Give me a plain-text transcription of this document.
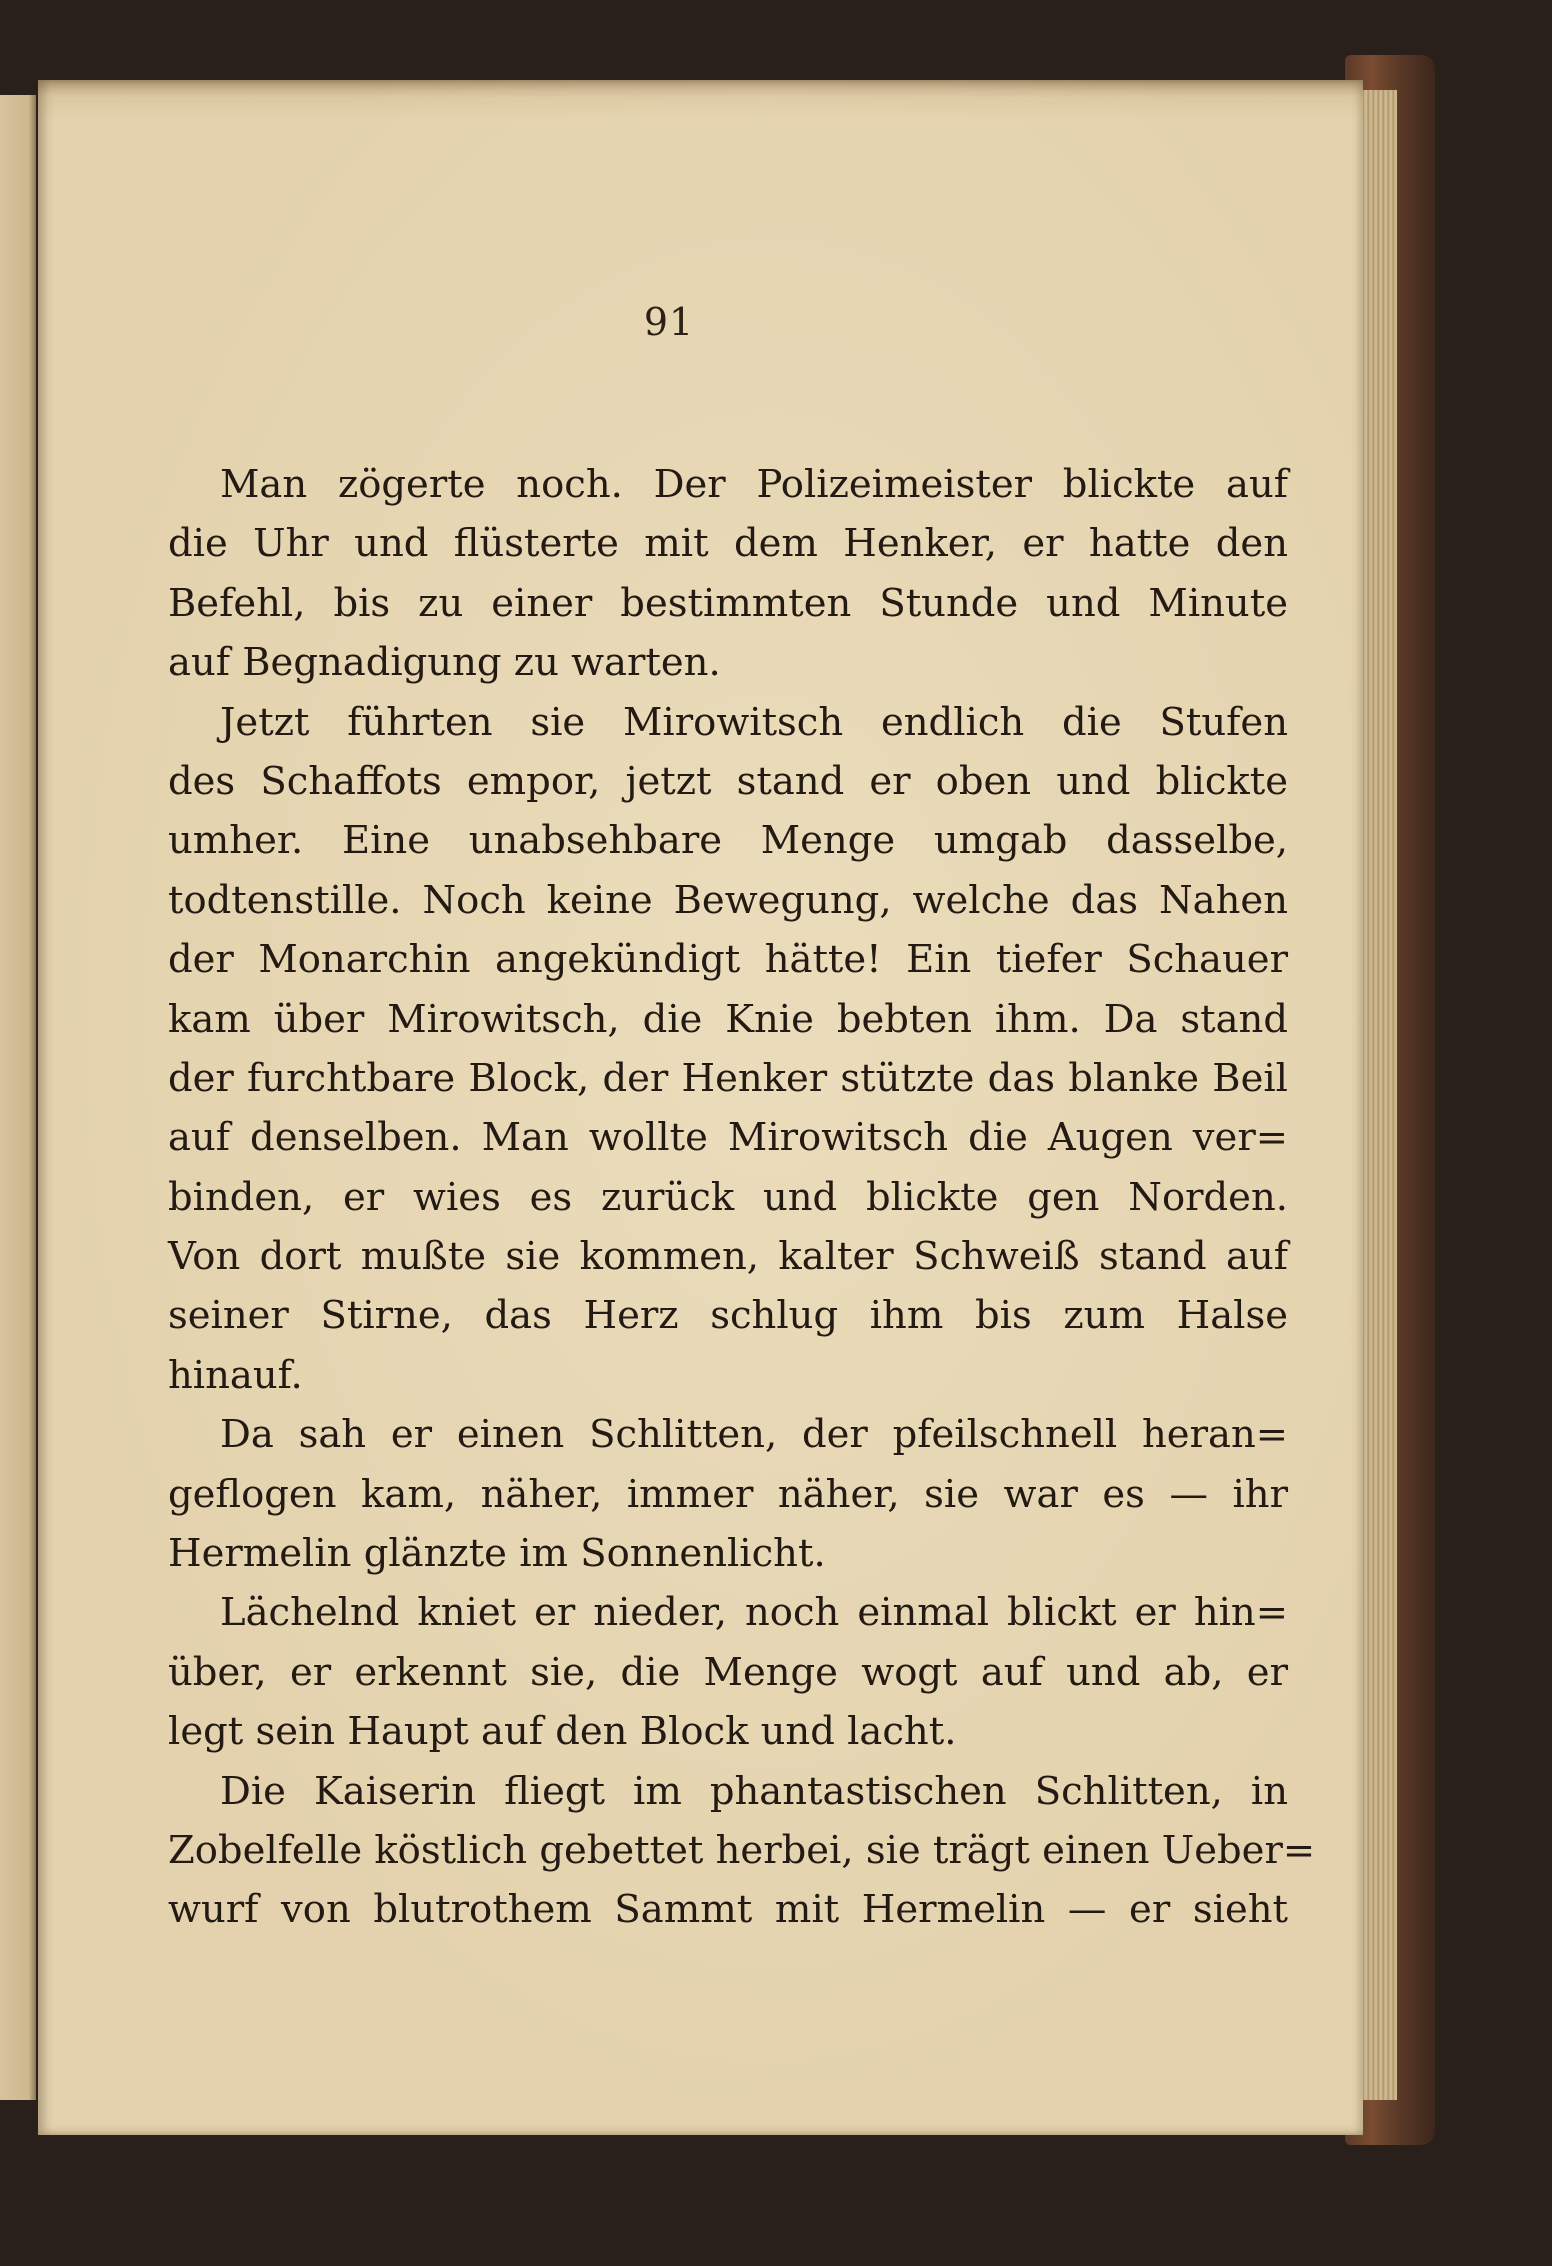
91
Man zögerte noch. Der Polizeimeister blickte auf
die Uhr und flüsterte mit dem Henker, er hatte den
Befehl, bis zu einer bestimmten Stunde und Minute
auf Begnadigung zu warten.
Jetzt führten sie Mirowitsch endlich die Stufen
des Schaffots empor, jetzt stand er oben und blickte
umher. Eine unabsehbare Menge umgab dasselbe,
todtenstille. Noch keine Bewegung, welche das Nahen
der Monarchin angekündigt hätte! Ein tiefer Schauer
kam über Mirowitsch, die Knie bebten ihm. Da stand
der furchtbare Block, der Henker stützte das blanke Beil
auf denselben. Man wollte Mirowitsch die Augen ver=
binden, er wies es zurück und blickte gen Norden.
Von dort mußte sie kommen, kalter Schweiß stand auf
seiner Stirne, das Herz schlug ihm bis zum Halse
hinauf.
Da sah er einen Schlitten, der pfeilschnell heran=
geflogen kam, näher, immer näher, sie war es — ihr
Hermelin glänzte im Sonnenlicht.
Lächelnd kniet er nieder, noch einmal blickt er hin=
über, er erkennt sie, die Menge wogt auf und ab, er
legt sein Haupt auf den Block und lacht.
Die Kaiserin fliegt im phantastischen Schlitten, in
Zobelfelle köstlich gebettet herbei, sie trägt einen Ueber=
wurf von blutrothem Sammt mit Hermelin — er sieht
